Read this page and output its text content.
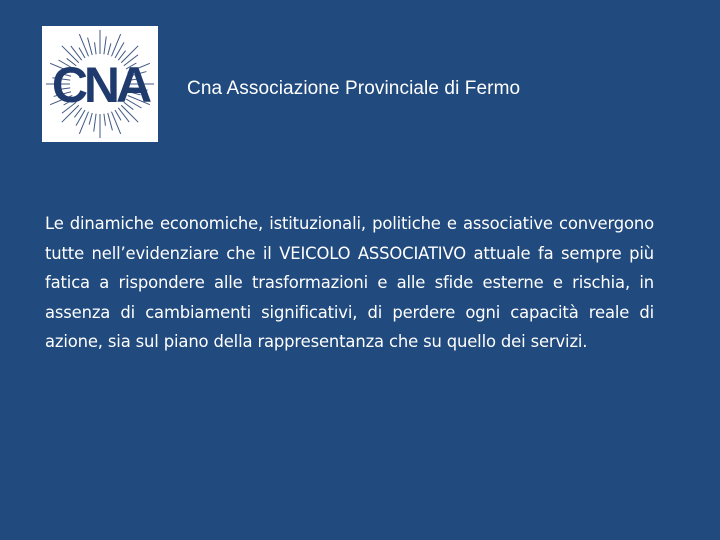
CNA Cna Associazione Provinciale di Fermo
Le dinamiche economiche, istituzionali, politiche e associative convergono tutte nell’evidenziare che il VEICOLO ASSOCIATIVO attuale fa sempre più fatica a rispondere alle trasformazioni e alle sfide esterne e rischia, in assenza di cambiamenti significativi, di perdere ogni capacità reale di azione, sia sul piano della rappresentanza che su quello dei servizi.
